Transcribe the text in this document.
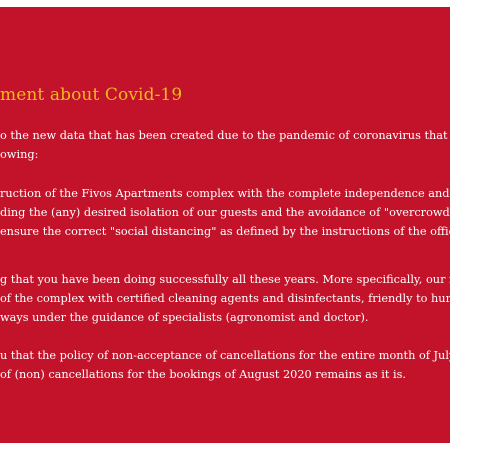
ment about Covid-19

o the new data that has been created due to the pandemic of coronavirus that more o

owing:

ruction of the Fivos Apartments complex with the complete independence and auton

ding the (any) desired isolation of our guests and the avoidance of "overcrowding" with

ensure the correct "social distancing" as defined by the instructions of the official heal

g that you have been doing successfully all these years. More specifically, our regular p

of the complex with certified cleaning agents and disinfectants, friendly to humans a

ways under the guidance of specialists (agronomist and doctor).

u that the policy of non-acceptance of cancellations for the entire month of July 2020

of (non) cancellations for the bookings of August 2020 remains as it is.
